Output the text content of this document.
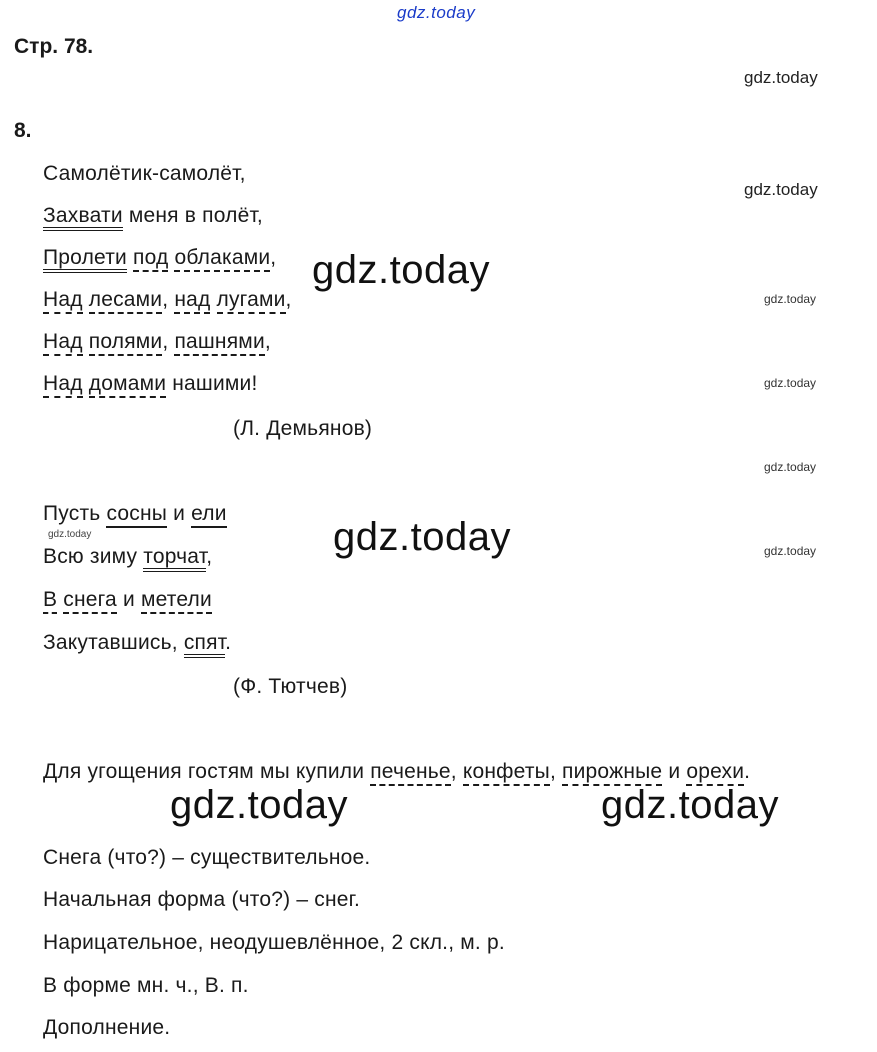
gdz.today
gdz.today
gdz.today
gdz.today
gdz.today
gdz.today
gdz.today
gdz.today
gdz.today
gdz.today
gdz.today	gdz.today
Стр. 78.
8.
Самолётик-самолёт,
Захвати меня в полёт,
Пролети под облаками,
Над лесами, над лугами,
Над полями, пашнями,
Над домами нашими!
(Л. Демьянов)
Пусть сосны и ели
Всю зиму торчат,
В снега и метели
Закутавшись, спят.
(Ф. Тютчев)
Для угощения гостям мы купили печенье, конфеты, пирожные и орехи.
Снега (что?) – существительное.
Начальная форма (что?) – снег.
Нарицательное, неодушевлённое, 2 скл., м. р.
В форме мн. ч., В. п.
Дополнение.
